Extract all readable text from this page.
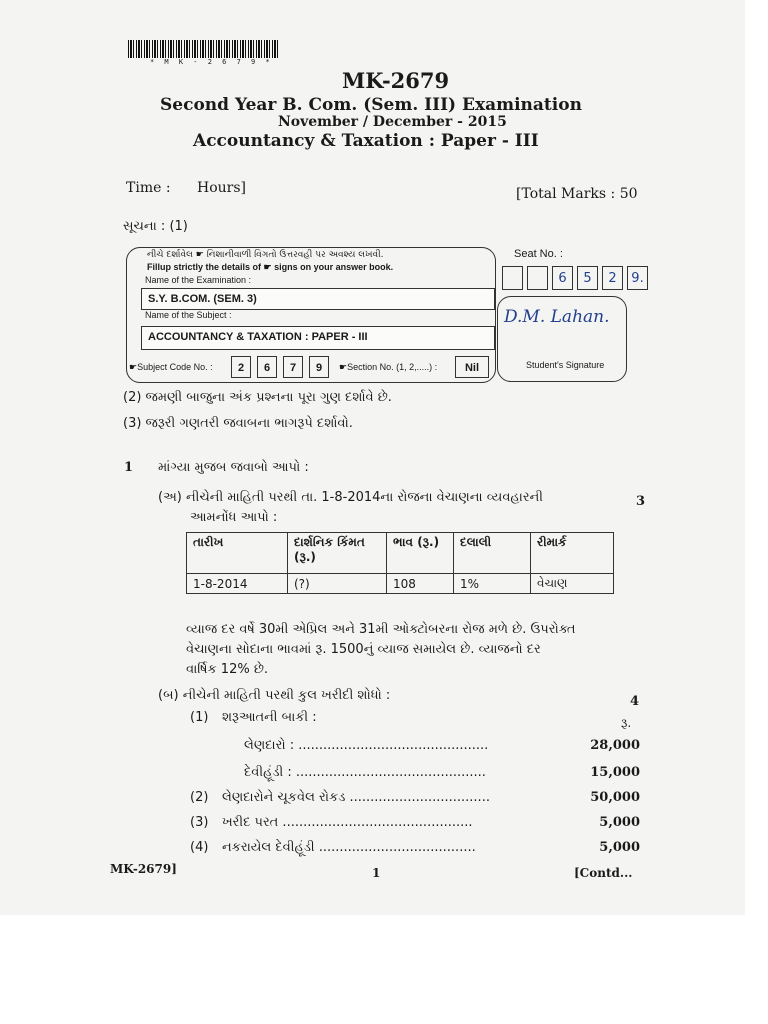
* M K - 2 6 7 9 *
MK-2679
Second Year B. Com. (Sem. III) Examination
November / December - 2015
Accountancy & Taxation : Paper - III
Time : Hours]	[Total Marks : 50
સૂચના : (1)
નીચે દર્શાવેલ ☛ નિશાનીવાળી વિગતો ઉત્તરવહી પર અવશ્ય લખવી.
Fillup strictly the details of ☛ signs on your answer book.
Name of the Examination :
S.Y. B.COM. (SEM. 3)
Name of the Subject :
ACCOUNTANCY & TAXATION : PAPER - III
☛Subject Code No. :	2	6	7	9	☛Section No. (1, 2,.....) :	Nil
Seat No. :
6	5	2	9.
D.M. Lahan.
Student's Signature
(2) જમણી બાજુના અંક પ્રશ્નના પૂરા ગુણ દર્શાવે છે.
(3) જરૂરી ગણતરી જવાબના ભાગરૂપે દર્શાવો.
1 માંગ્યા મુજબ જવાબો આપો :
(અ) નીચેની માહિતી પરથી તા. 1-8-2014ના રોજના વેચાણના વ્યવહારની
આમનોંધ આપો :
3
તારીખ	દાર્શનિક કિંમત (રૂ.)	ભાવ (રૂ.)	દલાલી	રીમાર્ક
1-8-2014	(?)	108	1%	વેચાણ
વ્યાજ દર વર્ષે 30મી એપ્રિલ અને 31મી ઓક્ટોબરના રોજ મળે છે. ઉપરોક્ત
વેચાણના સોદાના ભાવમાં રૂ. 1500નું વ્યાજ સમાયેલ છે. વ્યાજનો દર
વાર્ષિક 12% છે.
(બ) નીચેની માહિતી પરથી કુલ ખરીદી શોધો :	4
રૂ.
(1) શરૂઆતની બાકી :
લેણદારો : ..............................................	28,000
દેવીહૂંડી : ..............................................	15,000
(2) લેણદારોને ચૂકવેલ રોકડ ..................................	50,000
(3) ખરીદ પરત ..............................................	5,000
(4) નકરાયેલ દેવીહૂંડી ......................................	5,000
MK-2679]	1	[Contd...
